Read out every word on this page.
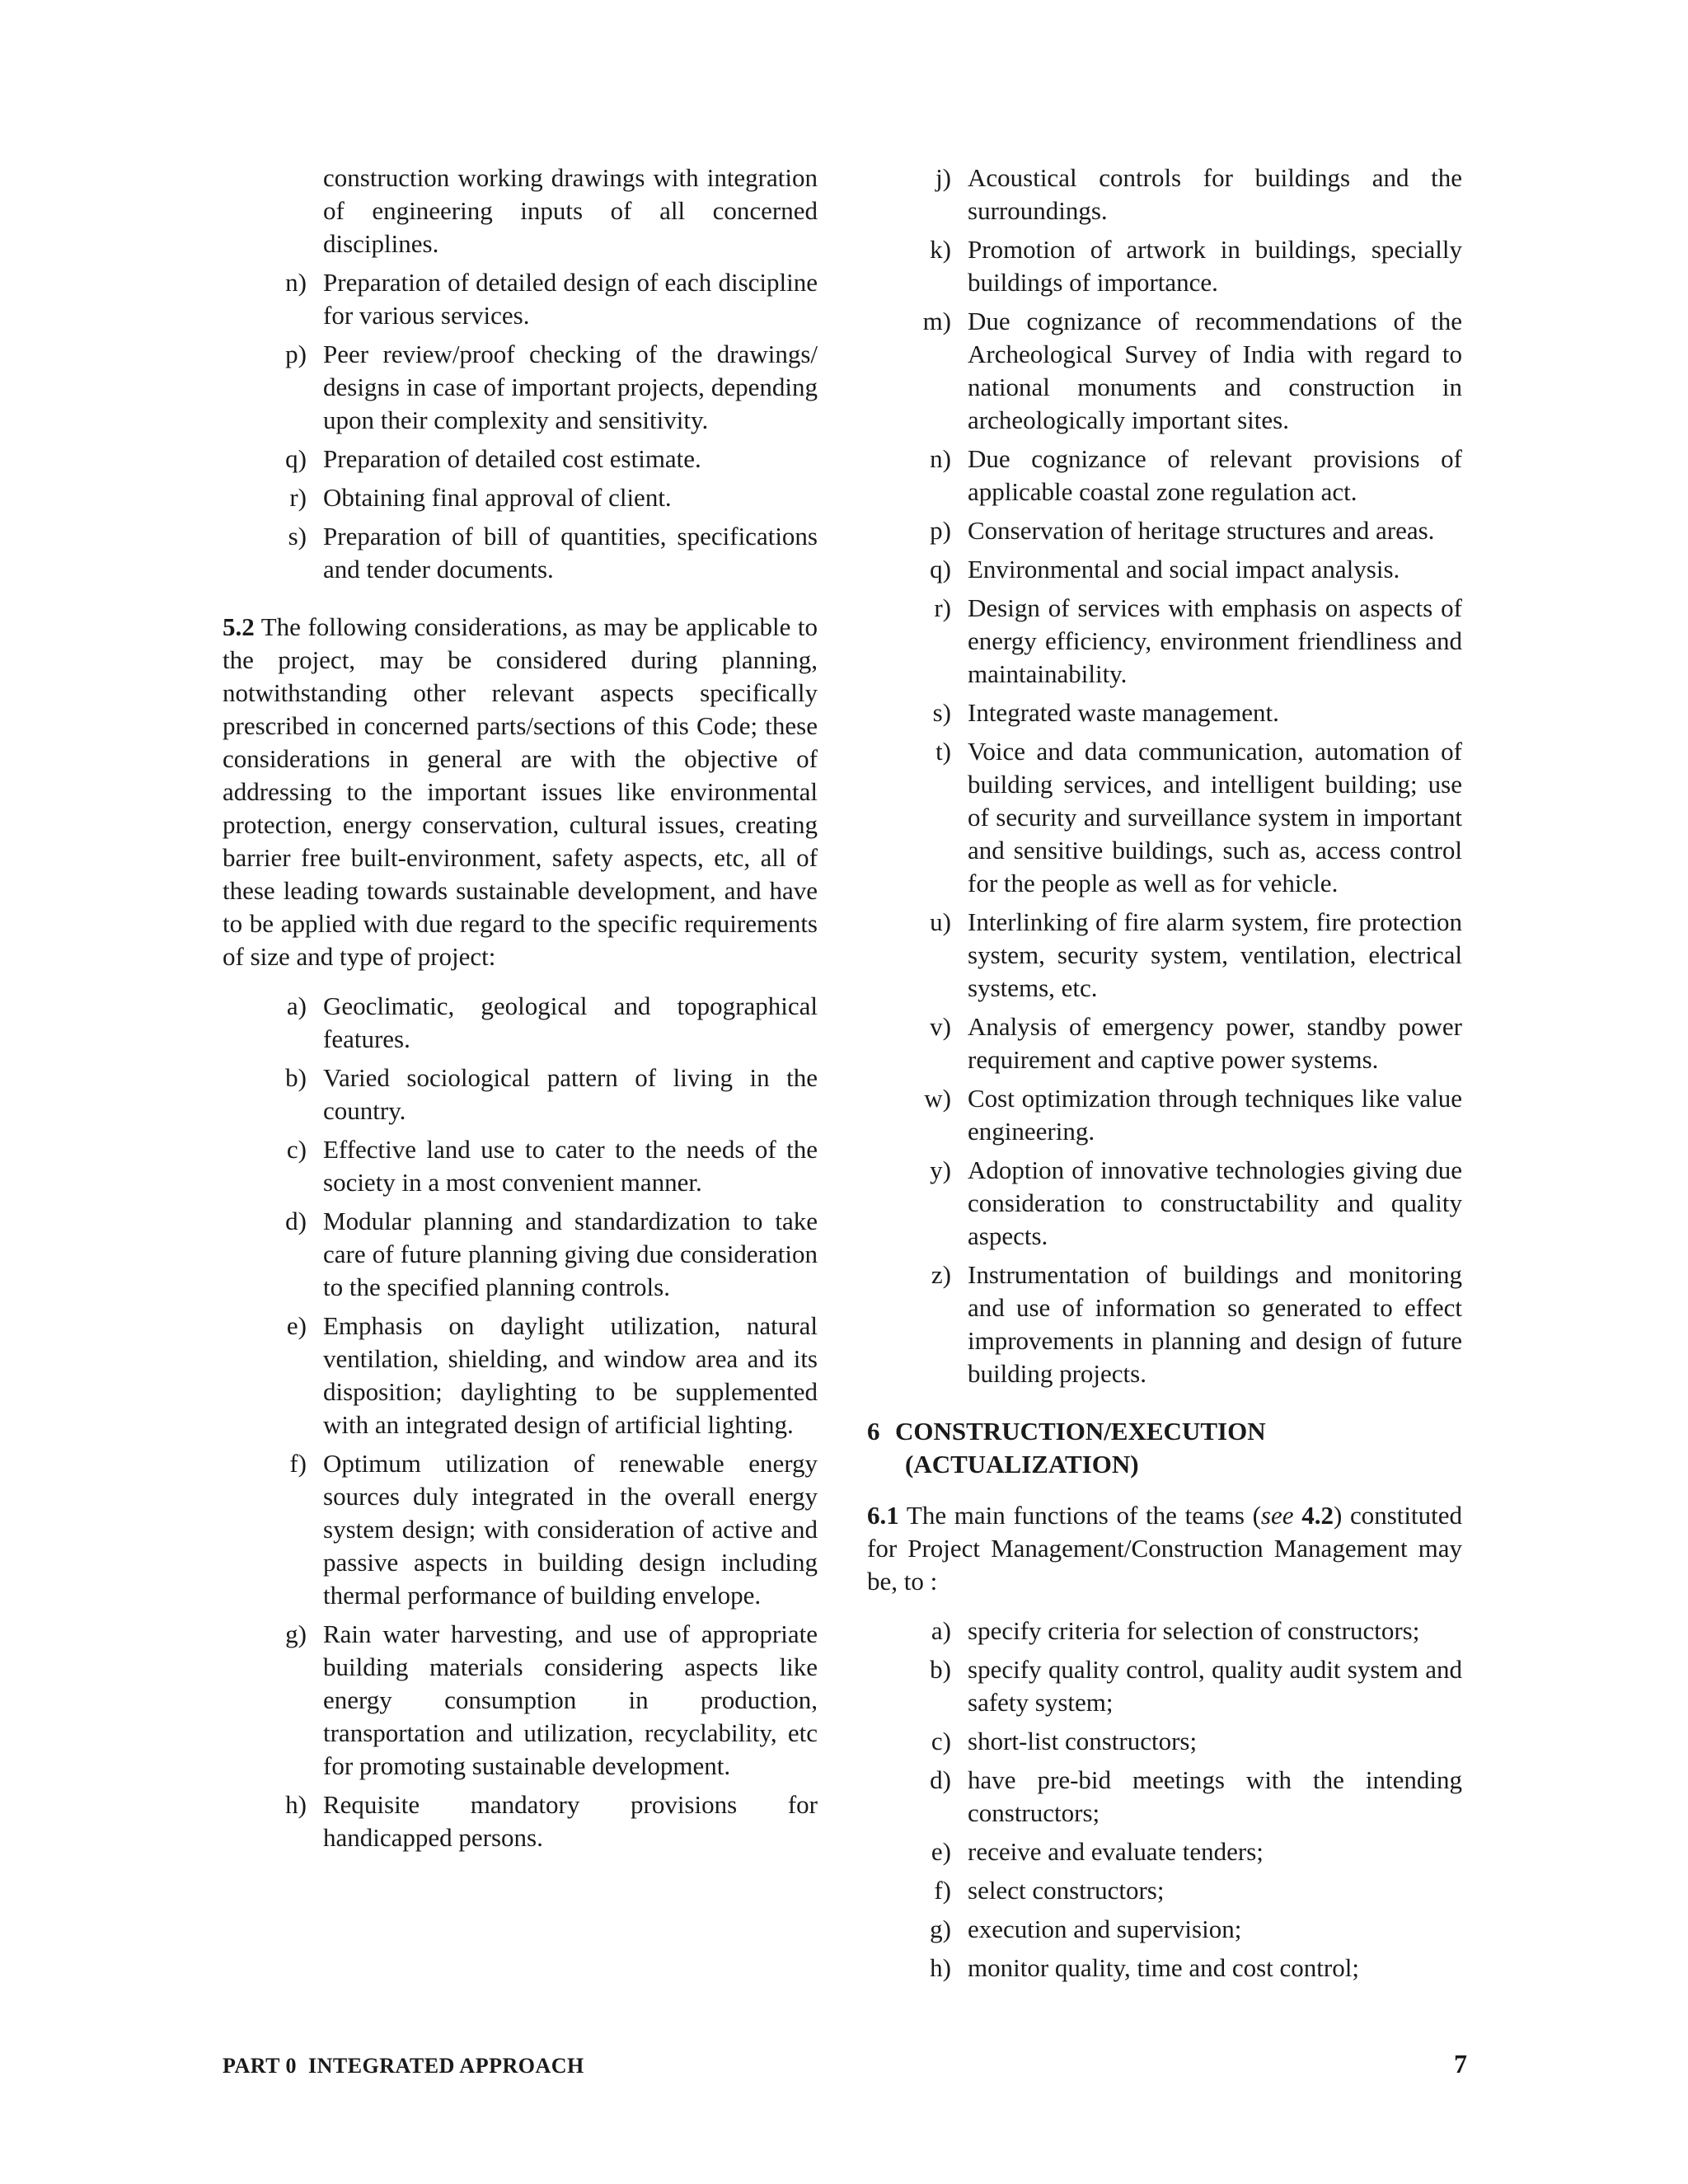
construction working drawings with integration of engineering inputs of all concerned disciplines.
n) Preparation of detailed design of each discipline for various services.
p) Peer review/proof checking of the drawings/ designs in case of important projects, depending upon their complexity and sensitivity.
q) Preparation of detailed cost estimate.
r) Obtaining final approval of client.
s) Preparation of bill of quantities, specifications and tender documents.
5.2 The following considerations, as may be applicable to the project, may be considered during planning, notwithstanding other relevant aspects specifically prescribed in concerned parts/sections of this Code; these considerations in general are with the objective of addressing to the important issues like environmental protection, energy conservation, cultural issues, creating barrier free built-environment, safety aspects, etc, all of these leading towards sustainable development, and have to be applied with due regard to the specific requirements of size and type of project:
a) Geoclimatic, geological and topographical features.
b) Varied sociological pattern of living in the country.
c) Effective land use to cater to the needs of the society in a most convenient manner.
d) Modular planning and standardization to take care of future planning giving due consideration to the specified planning controls.
e) Emphasis on daylight utilization, natural ventilation, shielding, and window area and its disposition; daylighting to be supplemented with an integrated design of artificial lighting.
f) Optimum utilization of renewable energy sources duly integrated in the overall energy system design; with consideration of active and passive aspects in building design including thermal performance of building envelope.
g) Rain water harvesting, and use of appropriate building materials considering aspects like energy consumption in production, transportation and utilization, recyclability, etc for promoting sustainable development.
h) Requisite mandatory provisions for handicapped persons.
j) Acoustical controls for buildings and the surroundings.
k) Promotion of artwork in buildings, specially buildings of importance.
m) Due cognizance of recommendations of the Archeological Survey of India with regard to national monuments and construction in archeologically important sites.
n) Due cognizance of relevant provisions of applicable coastal zone regulation act.
p) Conservation of heritage structures and areas.
q) Environmental and social impact analysis.
r) Design of services with emphasis on aspects of energy efficiency, environment friendliness and maintainability.
s) Integrated waste management.
t) Voice and data communication, automation of building services, and intelligent building; use of security and surveillance system in important and sensitive buildings, such as, access control for the people as well as for vehicle.
u) Interlinking of fire alarm system, fire protection system, security system, ventilation, electrical systems, etc.
v) Analysis of emergency power, standby power requirement and captive power systems.
w) Cost optimization through techniques like value engineering.
y) Adoption of innovative technologies giving due consideration to constructability and quality aspects.
z) Instrumentation of buildings and monitoring and use of information so generated to effect improvements in planning and design of future building projects.
6 CONSTRUCTION/EXECUTION
(ACTUALIZATION)
6.1 The main functions of the teams (see 4.2) constituted for Project Management/Construction Management may be, to :
a) specify criteria for selection of constructors;
b) specify quality control, quality audit system and safety system;
c) short-list constructors;
d) have pre-bid meetings with the intending constructors;
e) receive and evaluate tenders;
f) select constructors;
g) execution and supervision;
h) monitor quality, time and cost control;
PART 0  INTEGRATED APPROACH	7
